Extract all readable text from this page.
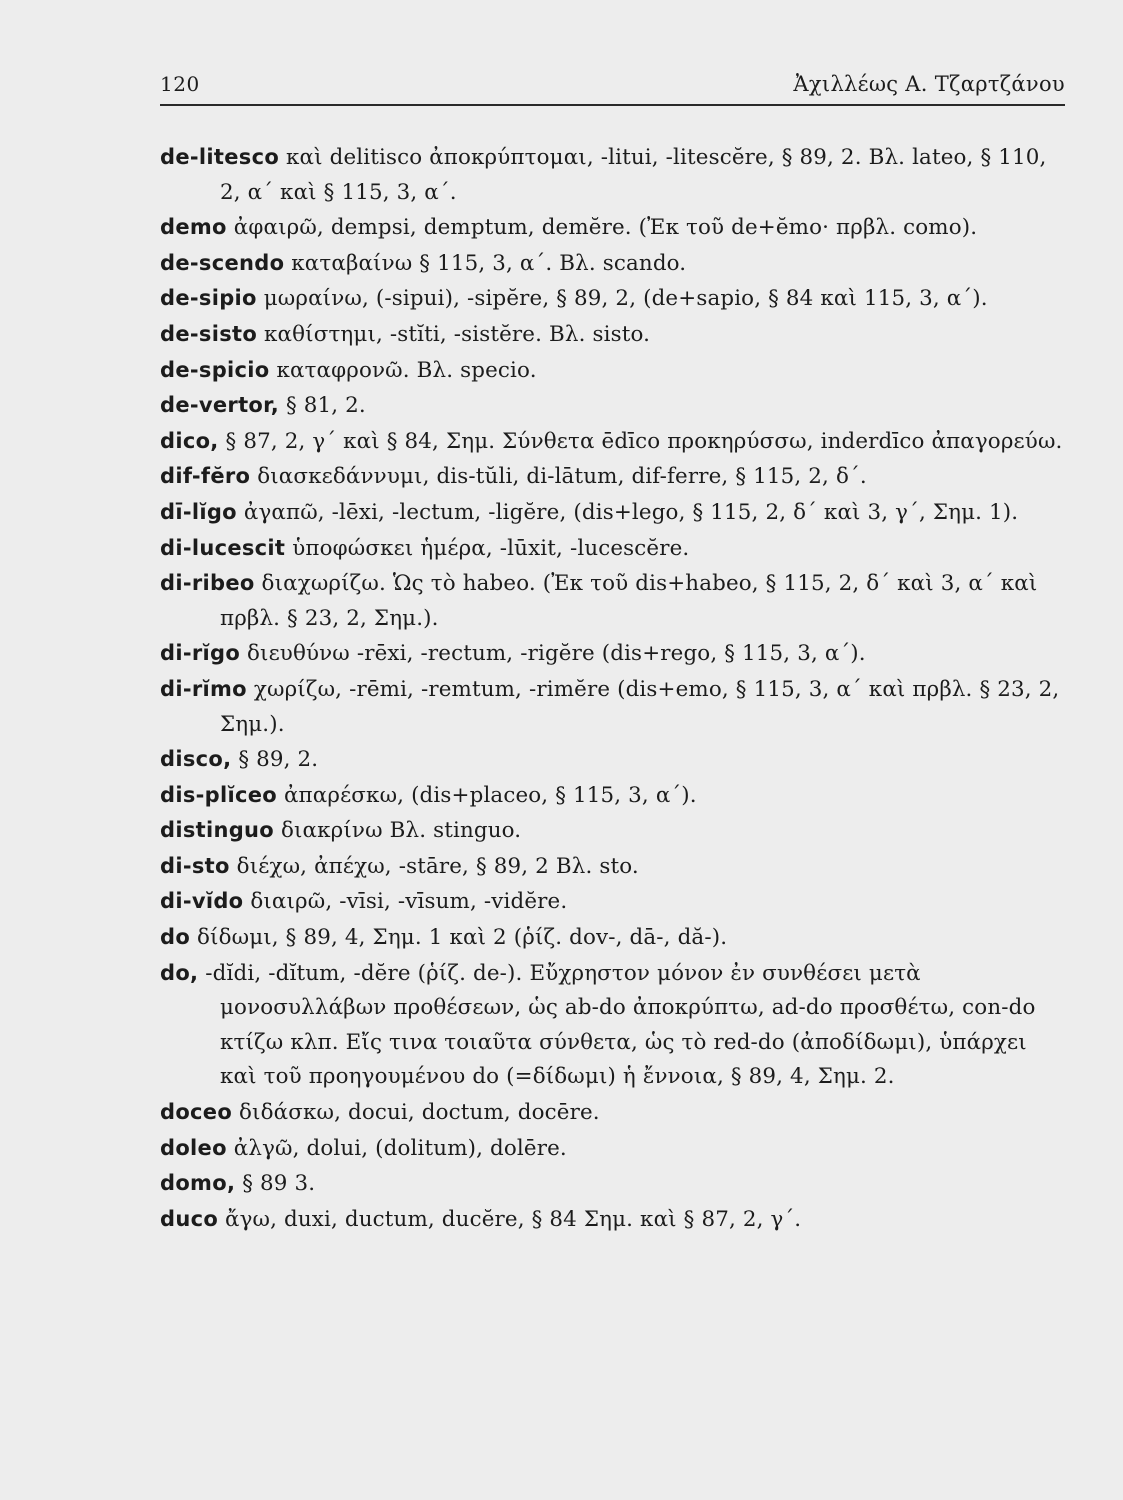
120	Ἀχιλλέως Α. Τζαρτζάνου

de-litesco καὶ delitisco ἀποκρύπτομαι, -litui, -litescĕre, § 89, 2. Βλ. lateo, § 110, 2, α΄ καὶ § 115, 3, α΄.

demo ἀφαιρῶ, dempsi, demptum, demĕre. (Ἐκ τοῦ de+ĕmo· πρβλ. como).

de-scendo καταβαίνω § 115, 3, α΄. Βλ. scando.

de-sipio μωραίνω, (-sipui), -sipĕre, § 89, 2, (de+sapio, § 84 καὶ 115, 3, α΄).

de-sisto καθίστημι, -stĭti, -sistĕre. Βλ. sisto.

de-spicio καταφρονῶ. Βλ. specio.

de-vertor, § 81, 2.

dico, § 87, 2, γ΄ καὶ § 84, Σημ. Σύνθετα ēdīco προκηρύσσω, inderdīco ἀπαγορεύω.

dif-fĕro διασκεδάννυμι, dis-tŭli, di-lātum, dif-ferre, § 115, 2, δ΄.

dī-lĭgo ἀγαπῶ, -lēxi, -lectum, -ligĕre, (dis+lego, § 115, 2, δ΄ καὶ 3, γ΄, Σημ. 1).

di-lucescit ὑποφώσκει ἡμέρα, -lūxit, -lucescĕre.

di-ribeo διαχωρίζω. Ὡς τὸ habeo. (Ἐκ τοῦ dis+habeo, § 115, 2, δ΄ καὶ 3, α΄ καὶ πρβλ. § 23, 2, Σημ.).

di-rĭgo διευθύνω -rēxi, -rectum, -rigĕre (dis+rego, § 115, 3, α΄).

di-rĭmo χωρίζω, -rēmi, -remtum, -rimĕre (dis+emo, § 115, 3, α΄ καὶ πρβλ. § 23, 2, Σημ.).

disco, § 89, 2.

dis-plĭceo ἀπαρέσκω, (dis+placeo, § 115, 3, α΄).

distinguo διακρίνω Βλ. stinguo.

di-sto διέχω, ἀπέχω, -stāre, § 89, 2 Βλ. sto.

di-vĭdo διαιρῶ, -vīsi, -vīsum, -vidĕre.

do δίδωμι, § 89, 4, Σημ. 1 καὶ 2 (ῥίζ. dov-, dā-, dă-).

do, -dĭdi, -dĭtum, -dĕre (ῥίζ. de-). Εὔχρηστον μόνον ἐν συνθέσει μετὰ μονοσυλλάβων προθέσεων, ὡς ab-do ἀποκρύπτω, ad-do προσθέτω, con-do κτίζω κλπ. Εἴς τινα τοιαῦτα σύνθετα, ὡς τὸ red-do (ἀποδίδωμι), ὑπάρχει καὶ τοῦ προηγουμένου do (=δίδωμι) ἡ ἔννοια, § 89, 4, Σημ. 2.

doceo διδάσκω, docui, doctum, docēre.

doleo ἀλγῶ, dolui, (dolitum), dolēre.

domo, § 89 3.

duco ἄγω, duxi, ductum, ducĕre, § 84 Σημ. καὶ § 87, 2, γ΄.
